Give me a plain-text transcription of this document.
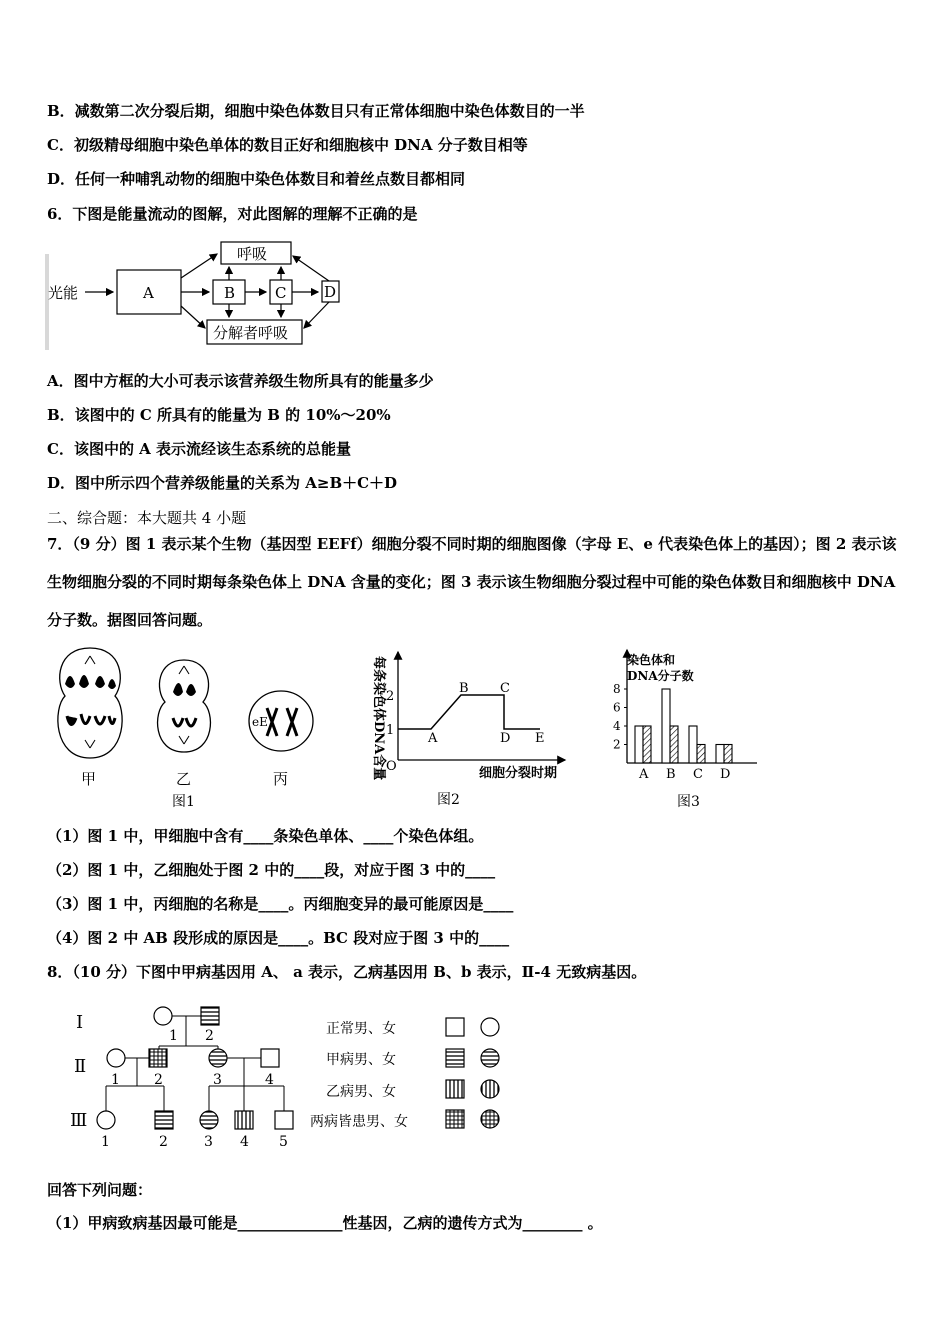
B．减数第二次分裂后期，细胞中染色体数目只有正常体细胞中染色体数目的一半
C．初级精母细胞中染色单体的数目正好和细胞核中 DNA 分子数目相等
D．任何一种哺乳动物的细胞中染色体数目和着丝点数目都相同
6．下图是能量流动的图解，对此图解的理解不正确的是
光能	A
呼吸
B	C	D
分解者呼吸
A．图中方框的大小可表示该营养级生物所具有的能量多少
B．该图中的 C 所具有的能量为 B 的 10%～20%
C．该图中的 A 表示流经该生态系统的总能量
D．图中所示四个营养级能量的关系为 A≥B＋C＋D
二、综合题：本大题共 4 小题
7．（9 分）图 1 表示某个生物（基因型 EEFf）细胞分裂不同时期的细胞图像（字母 E、e 代表染色体上的基因）；图 2 表示该生物细胞分裂的不同时期每条染色体上 DNA 含量的变化；图 3 表示该生物细胞分裂过程中可能的染色体数目和细胞核中 DNA 分子数。据图回答问题。
甲	乙
eE
丙
图1
每条染色体DNA含量 O
1
2
A
B C
D E
细胞分裂时期
图2
染色体和
DNA分子数
2
4
6
8
A B C D
图3
（1）图 1 中，甲细胞中含有____条染色单体、____个染色体组。
（2）图 1 中，乙细胞处于图 2 中的____段，对应于图 3 中的____
（3）图 1 中，丙细胞的名称是____。丙细胞变异的最可能原因是____
（4）图 2 中 AB 段形成的原因是____。BC 段对应于图 3 中的____
8．（10 分）下图中甲病基因用 A、 a 表示，乙病基因用 B、b 表示，Ⅱ-4 无致病基因。
Ⅰ
Ⅱ
Ⅲ
1 2
1 2	3	4
1	2	3 4 5
正常男、女
甲病男、女
乙病男、女
两病皆患男、女
回答下列问题：
（1）甲病致病基因最可能是______________性基因，乙病的遗传方式为________ 。
